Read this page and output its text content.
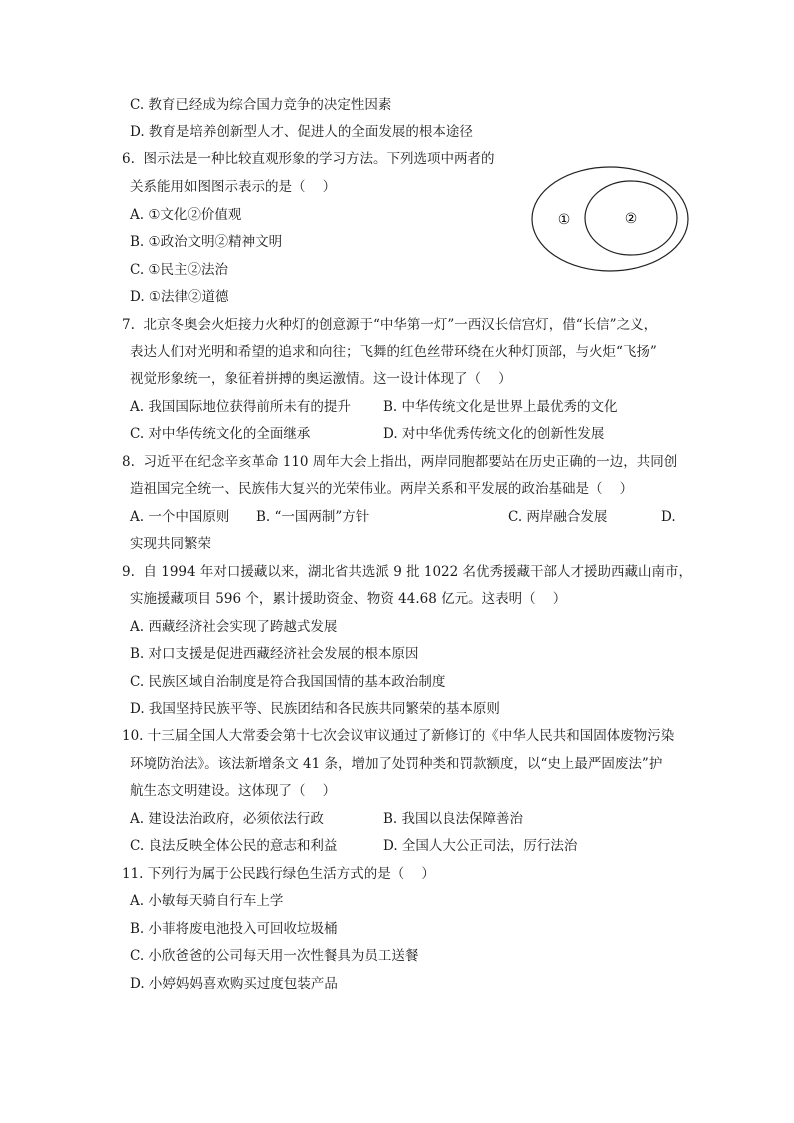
C. 教育已经成为综合国力竞争的决定性因素
D. 教育是培养创新型人才、促进人的全面发展的根本途径
6.  图示法是一种比较直观形象的学习方法。下列选项中两者的
关系能用如图图示表示的是（    ）
A. ①文化②价值观
B. ①政治文明②精神文明
C. ①民主②法治
D. ①法律②道德
①	②
7.  北京冬奥会火炬接力火种灯的创意源于“中华第一灯”一西汉长信宫灯，借“长信”之义，
表达人们对光明和希望的追求和向往；飞舞的红色丝带环绕在火种灯顶部，与火炬“飞扬”
视觉形象统一，象征着拼搏的奥运激情。这一设计体现了（    ）
A. 我国国际地位获得前所未有的提升 B. 中华传统文化是世界上最优秀的文化
C. 对中华传统文化的全面继承	D. 对中华优秀传统文化的创新性发展
8.  习近平在纪念辛亥革命 110 周年大会上指出，两岸同胞都要站在历史正确的一边，共同创
造祖国完全统一、民族伟大复兴的光荣伟业。两岸关系和平发展的政治基础是（    ）
A. 一个中国原则 B. “一国两制”方针	C. 两岸融合发展	D.
实现共同繁荣
9.  自 1994 年对口援藏以来，湖北省共选派 9 批 1022 名优秀援藏干部人才援助西藏山南市，
实施援藏项目 596 个，累计援助资金、物资 44.68 亿元。这表明（    ）
A. 西藏经济社会实现了跨越式发展
B. 对口支援是促进西藏经济社会发展的根本原因
C. 民族区域自治制度是符合我国国情的基本政治制度
D. 我国坚持民族平等、民族团结和各民族共同繁荣的基本原则
10. 十三届全国人大常委会第十七次会议审议通过了新修订的《中华人民共和国固体废物污染
环境防治法》。该法新增条文 41 条，增加了处罚种类和罚款额度，以“史上最严固废法”护
航生态文明建设。这体现了（    ）
A. 建设法治政府，必须依法行政	B. 我国以良法保障善治
C. 良法反映全体公民的意志和利益	D. 全国人大公正司法，厉行法治
11. 下列行为属于公民践行绿色生活方式的是（    ）
A. 小敏每天骑自行车上学
B. 小菲将废电池投入可回收垃圾桶
C. 小欣爸爸的公司每天用一次性餐具为员工送餐
D. 小婷妈妈喜欢购买过度包装产品
